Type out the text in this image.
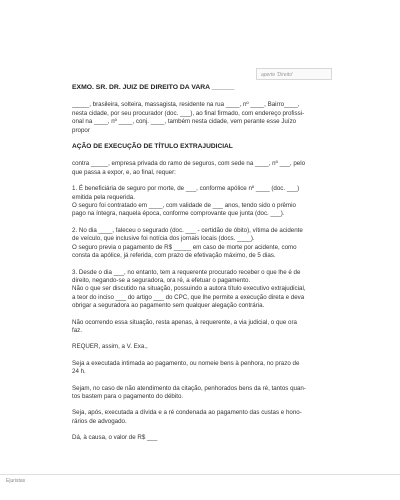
aperte 'Direito'
EXMO. SR. DR. JUIZ DE DIREITO DA VARA ______
_____, brasileira, solteira, massagista, residente na rua ____, nº ____, Bairro____,
nesta cidade, por seu procurador (doc. ___), ao final firmado, com endereço profissi-
onal na ____, nº ____, conj. ____, também nesta cidade, vem perante esse Juízo
propor
AÇÃO DE EXECUÇÃO DE TÍTULO EXTRAJUDICIAL
contra _____, empresa privada do ramo de seguros, com sede na ____, nº ___, pelo
que passa a expor, e, ao final, requer:
1. É beneficiária de seguro por morte, de ___, conforme apólice nº ____ (doc. ___)
emitida pela requerida.
O seguro foi contratado em ____, com validade de ___ anos, tendo sido o prêmio
pago na íntegra, naquela época, conforme comprovante que junta (doc. ___).
2. No dia ____, faleceu o segurado (doc. ___ - certidão de óbito), vítima de acidente
de veículo, que inclusive foi notícia dos jornais locais (docs. ____).
O seguro previa o pagamento de R$ _____ em caso de morte por acidente, como
consta da apólice, já referida, com prazo de efetivação máximo, de 5 dias.
3. Desde o dia ___, no entanto, tem a requerente procurado receber o que lhe é de
direito, negando-se a seguradora, ora ré, a efetuar o pagamento.
Não o que ser discutido na situação, possuindo a autora título executivo extrajudicial,
a teor do inciso ___ do artigo ___ do CPC, que lhe permite a execução direta e deva
obrigar a seguradora ao pagamento sem qualquer alegação contrária.
Não ocorrendo essa situação, resta apenas, à requerente, a via judicial, o que ora
faz.
REQUER, assim, a V. Exa.,
Seja a executada intimada ao pagamento, ou nomeie bens à penhora, no prazo de
24 h.
Sejam, no caso de não atendimento da citação, penhorados bens da ré, tantos quan-
tos bastem para o pagamento do débito.
Seja, após, executada a dívida e a ré condenada ao pagamento das custas e hono-
rários de advogado.
Dá, à causa, o valor de R$ ___
Ejuristas
